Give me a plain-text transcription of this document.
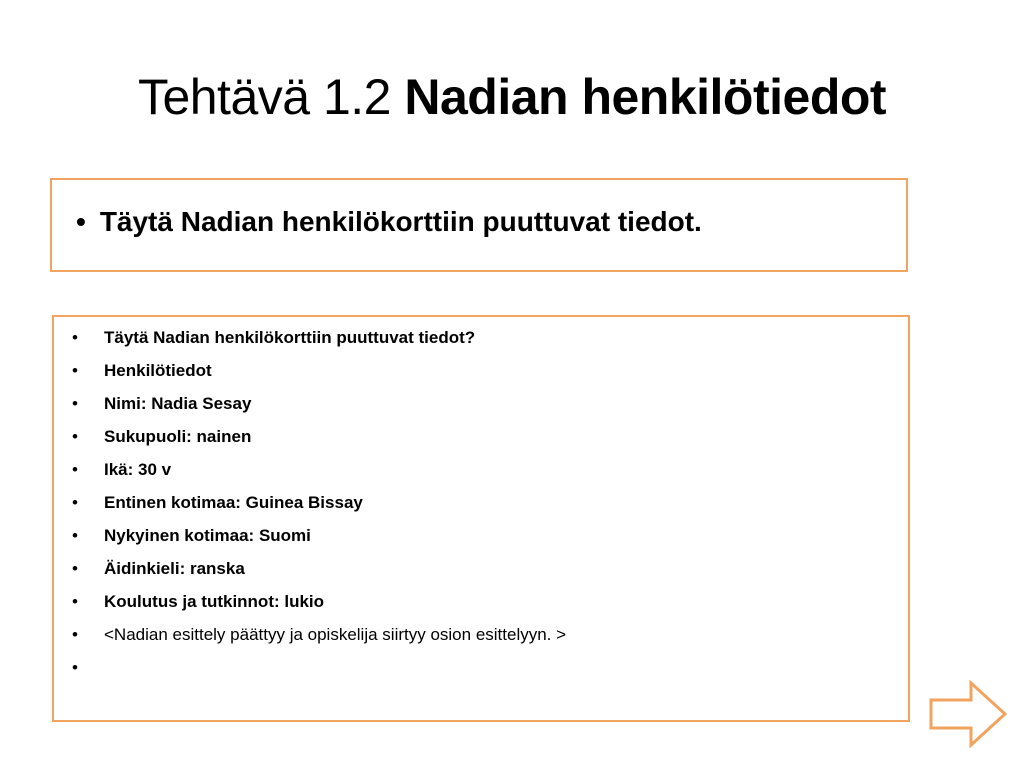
Tehtävä 1.2 Nadian henkilötiedot
• Täytä Nadian henkilökorttiin puuttuvat tiedot.
•	Täytä Nadian henkilökorttiin puuttuvat tiedot?
•	Henkilötiedot
•	Nimi: Nadia Sesay
•	Sukupuoli: nainen
•	Ikä: 30 v
•	Entinen kotimaa: Guinea Bissay
•	Nykyinen kotimaa: Suomi
•	Äidinkieli: ranska
•	Koulutus ja tutkinnot: lukio
•	<Nadian esittely päättyy ja opiskelija siirtyy osion esittelyyn. >
•
